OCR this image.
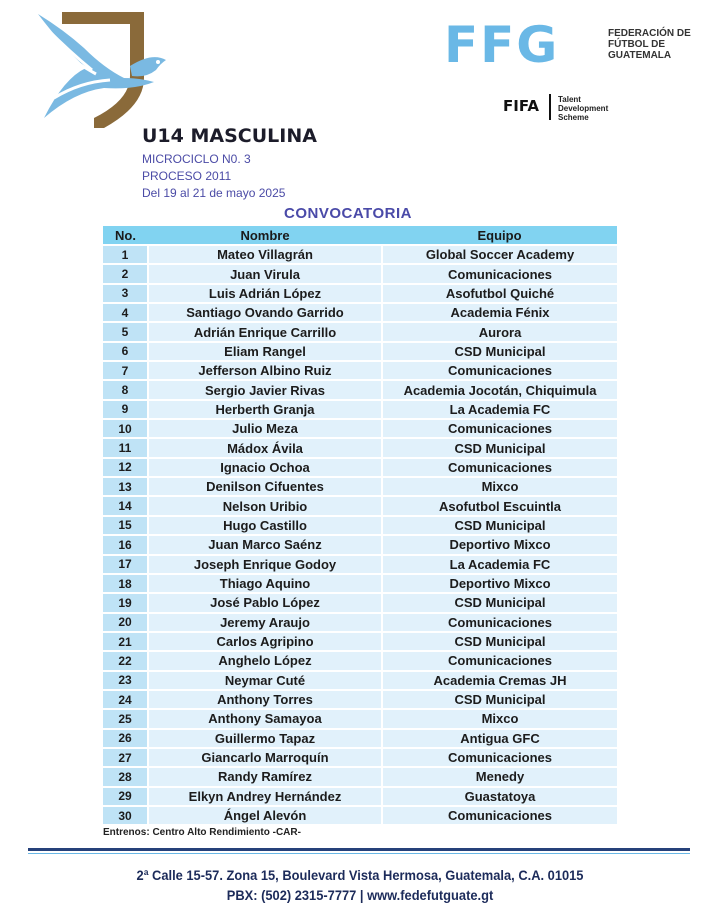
FFG	FEDERACIÓN DE
FÚTBOL DE
GUATEMALA
FIFA Talent
Development
Scheme
U14 MASCULINA
MICROCICLO N0. 3
PROCESO 2011
Del 19 al 21 de mayo 2025
CONVOCATORIA
No.	Nombre	Equipo
1	Mateo Villagrán	Global Soccer Academy
2	Juan Virula	Comunicaciones
3	Luis Adrián López	Asofutbol Quiché
4	Santiago Ovando Garrido	Academia Fénix
5	Adrián Enrique Carrillo	Aurora
6	Eliam Rangel	CSD Municipal
7	Jefferson Albino Ruiz	Comunicaciones
8	Sergio Javier Rivas	Academia Jocotán, Chiquimula
9	Herberth Granja	La Academia FC
10	Julio Meza	Comunicaciones
11	Mádox Ávila	CSD Municipal
12	Ignacio Ochoa	Comunicaciones
13	Denilson Cifuentes	Mixco
14	Nelson Uribio	Asofutbol Escuintla
15	Hugo Castillo	CSD Municipal
16	Juan Marco Saénz	Deportivo Mixco
17	Joseph Enrique Godoy	La Academia FC
18	Thiago Aquino	Deportivo Mixco
19	José Pablo López	CSD Municipal
20	Jeremy Araujo	Comunicaciones
21	Carlos Agripino	CSD Municipal
22	Anghelo López	Comunicaciones
23	Neymar Cuté	Academia Cremas JH
24	Anthony Torres	CSD Municipal
25	Anthony Samayoa	Mixco
26	Guillermo Tapaz	Antigua GFC
27	Giancarlo Marroquín	Comunicaciones
28	Randy Ramírez	Menedy
29	Elkyn Andrey Hernández	Guastatoya
30	Ángel Alevón	Comunicaciones
Entrenos: Centro Alto Rendimiento -CAR-
2ª Calle 15-57. Zona 15, Boulevard Vista Hermosa, Guatemala, C.A. 01015
PBX: (502) 2315-7777 | www.fedefutguate.gt
